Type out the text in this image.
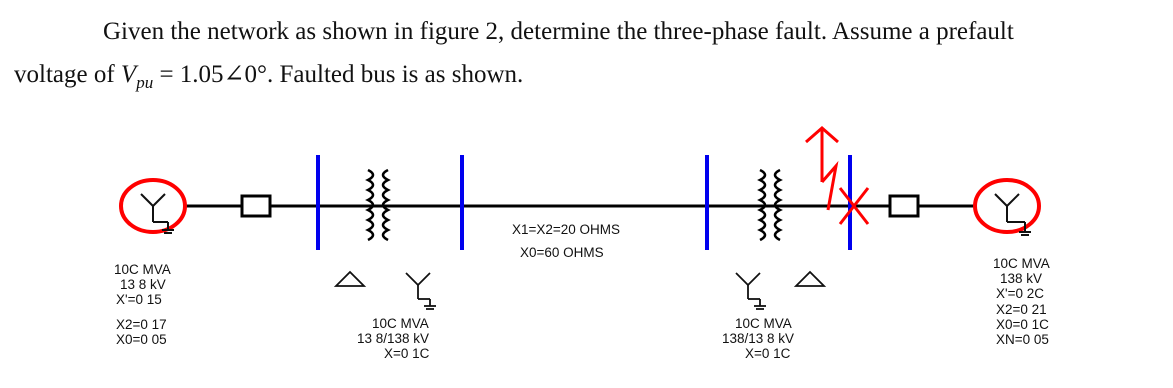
Given the network as shown in figure 2, determine the three-phase fault. Assume a prefault

voltage of $V_{pu}$ = 1.05∠0°. Faulted bus is as shown.

X1=X2=20 OHMS
X0=60 OHMS
10C MVA
13 8 kV
X'=0 15
X2=0 17
X0=0 05
10C MVA
13 8/138 kV
X=0 1C
10C MVA
138/13 8 kV
X=0 1C
10C MVA
138 kV
X'=0 2C
X2=0 21
X0=0 1C
XN=0 05
